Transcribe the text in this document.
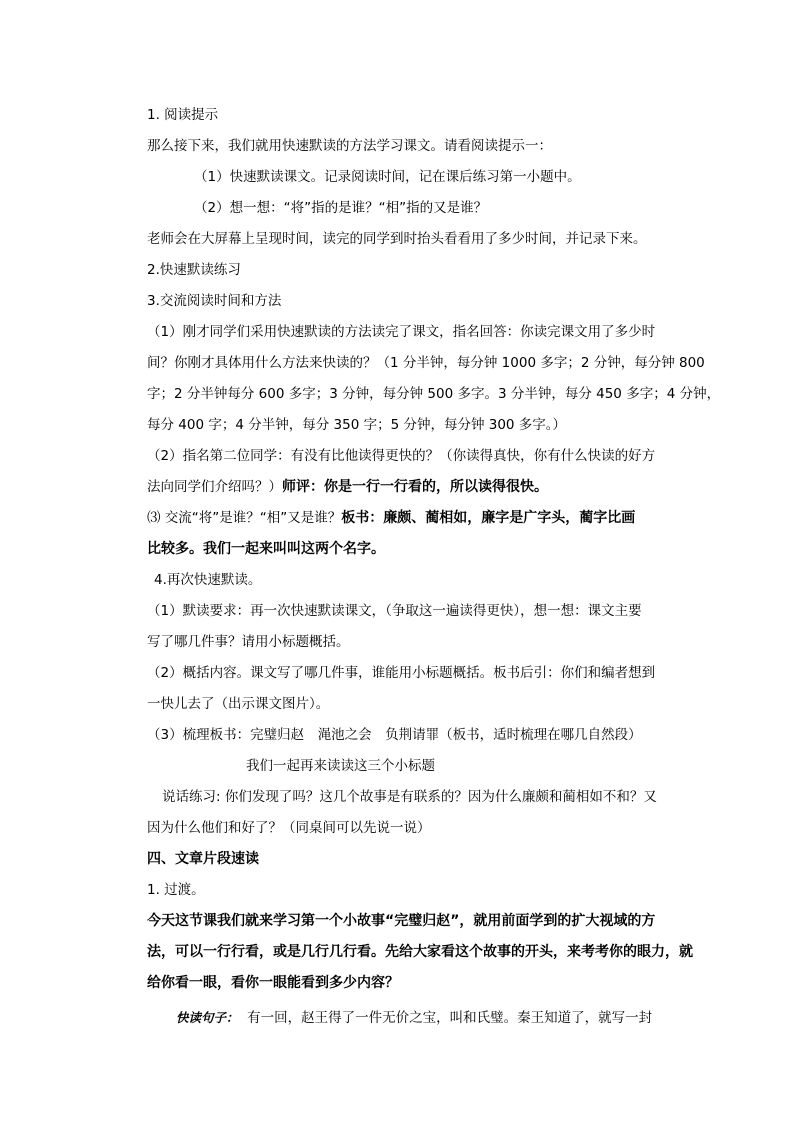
1. 阅读提示
那么接下来，我们就用快速默读的方法学习课文。请看阅读提示一：
（1）快速默读课文。记录阅读时间，记在课后练习第一小题中。
（2）想一想：“将”指的是谁？“相”指的又是谁？
老师会在大屏幕上呈现时间，读完的同学到时抬头看看用了多少时间，并记录下来。
2.快速默读练习
3.交流阅读时间和方法
（1）刚才同学们采用快速默读的方法读完了课文，指名回答：你读完课文用了多少时
间？你刚才具体用什么方法来快读的？（1 分半钟，每分钟 1000 多字；2 分钟，每分钟 800
字；2 分半钟每分 600 多字；3 分钟，每分钟 500 多字。3 分半钟，每分 450 多字；4 分钟，
每分 400 字；4 分半钟，每分 350 字；5 分钟，每分钟 300 多字。）
（2）指名第二位同学：有没有比他读得更快的？（你读得真快，你有什么快读的好方
法向同学们介绍吗？）师评：你是一行一行看的，所以读得很快。
⑶ 交流“将”是谁？“相”又是谁？板书：廉颇、蔺相如，廉字是广字头，蔺字比画
比较多。我们一起来叫叫这两个名字。
4.再次快速默读。
（1）默读要求：再一次快速默读课文，（争取这一遍读得更快），想一想：课文主要
写了哪几件事？请用小标题概括。
（2）概括内容。课文写了哪几件事，谁能用小标题概括。板书后引：你们和编者想到
一快儿去了（出示课文图片）。
（3）梳理板书：完璧归赵　渑池之会　负荆请罪（板书，适时梳理在哪几自然段）
我们一起再来读读这三个小标题
说话练习: 你们发现了吗？这几个故事是有联系的？因为什么廉颇和蔺相如不和？又
因为什么他们和好了？（同桌间可以先说一说）
四、文章片段速读
1. 过渡。
今天这节课我们就来学习第一个小故事“完璧归赵”，就用前面学到的扩大视域的方
法，可以一行行看，或是几行几行看。先给大家看这个故事的开头，来考考你的眼力，就
给你看一眼，看你一眼能看到多少内容？
快读句子： 有一回，赵王得了一件无价之宝，叫和氏璧。秦王知道了，就写一封
